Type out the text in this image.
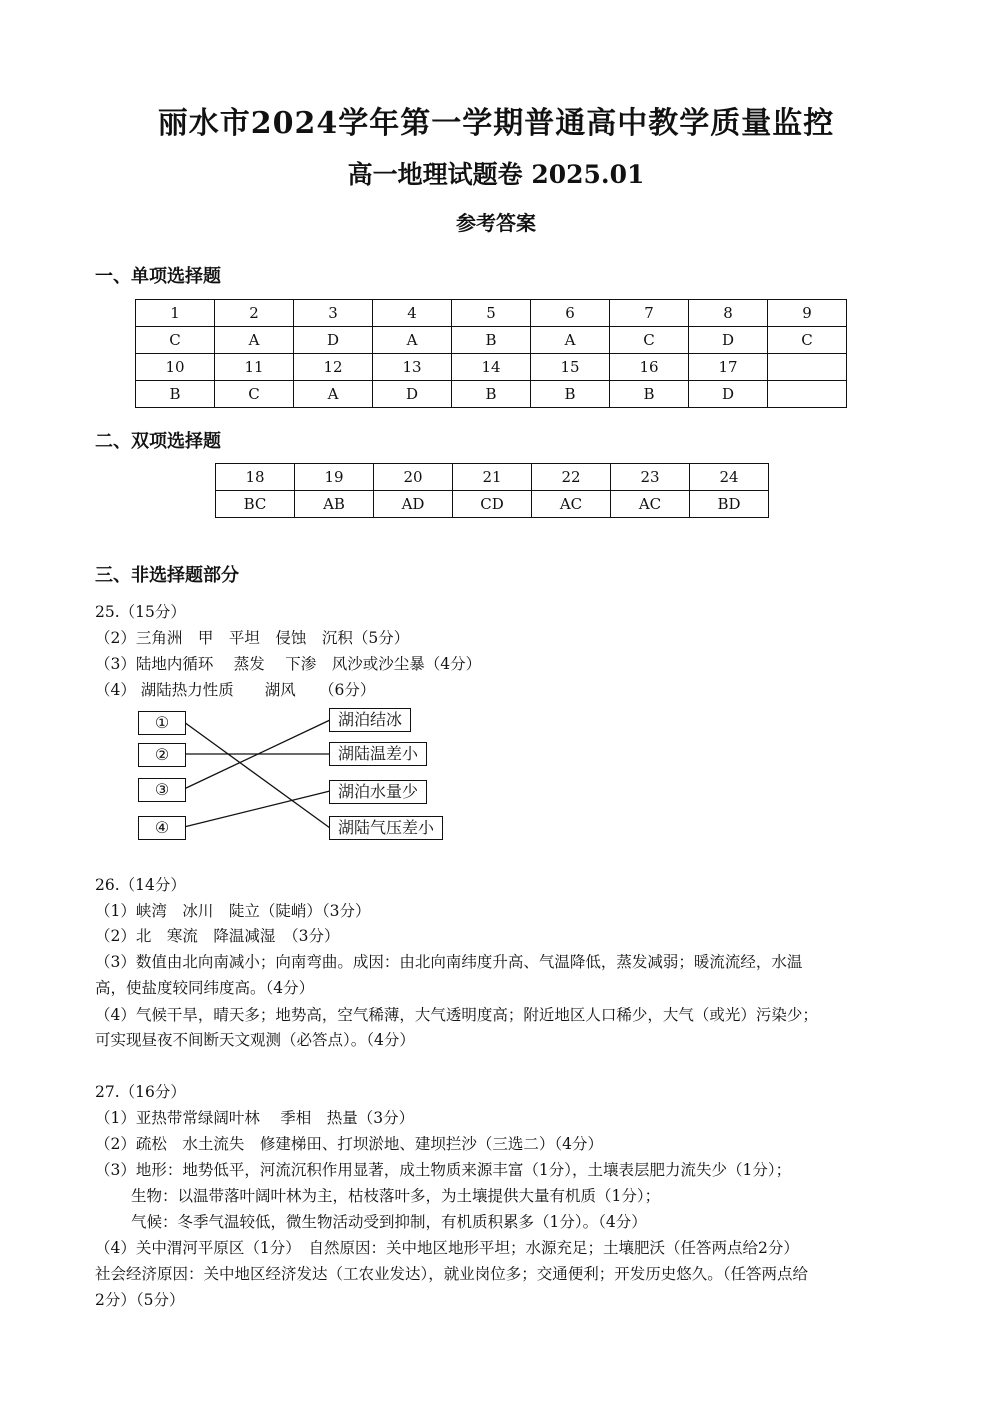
丽水市2024学年第一学期普通高中教学质量监控
高一地理试题卷 2025.01
参考答案
一、单项选择题
1	2	3	4	5	6	7	8	9
C	A	D	A	B	A	C	D	C
10	11	12	13	14	15	16	17	
B	C	A	D	B	B	B	D	
二、双项选择题
18	19	20	21	22	23	24
BC	AB	AD	CD	AC	AC	BD
三、非选择题部分
25.（15分）
（2）三角洲　甲　平坦　侵蚀　沉积（5分）
（3）陆地内循环　 蒸发　 下渗　风沙或沙尘暴（4分）
（4） 湖陆热力性质　　湖风　　（6分）
①
②
③
④
湖泊结冰
湖陆温差小
湖泊水量少
湖陆气压差小
26.（14分）
（1）峡湾　冰川　陡立（陡峭）（3分）
（2）北　寒流　降温减湿　（3分）
（3）数值由北向南减小；向南弯曲。成因：由北向南纬度升高、气温降低，蒸发减弱；暖流流经，水温
高，使盐度较同纬度高。（4分）
（4）气候干旱，晴天多；地势高，空气稀薄，大气透明度高；附近地区人口稀少，大气（或光）污染少；
可实现昼夜不间断天文观测（必答点）。（4分）
27.（16分）
（1）亚热带常绿阔叶林　 季相　热量（3分）
（2）疏松　水土流失　修建梯田、打坝淤地、建坝拦沙（三选二）（4分）
（3）地形：地势低平，河流沉积作用显著，成土物质来源丰富（1分），土壤表层肥力流失少（1分）；
生物：以温带落叶阔叶林为主，枯枝落叶多，为土壤提供大量有机质（1分）；
气候：冬季气温较低，微生物活动受到抑制，有机质积累多（1分）。（4分）
（4）关中渭河平原区（1分）　自然原因：关中地区地形平坦；水源充足；土壤肥沃（任答两点给2分）
社会经济原因：关中地区经济发达（工农业发达），就业岗位多；交通便利；开发历史悠久。（任答两点给
2分）（5分）
